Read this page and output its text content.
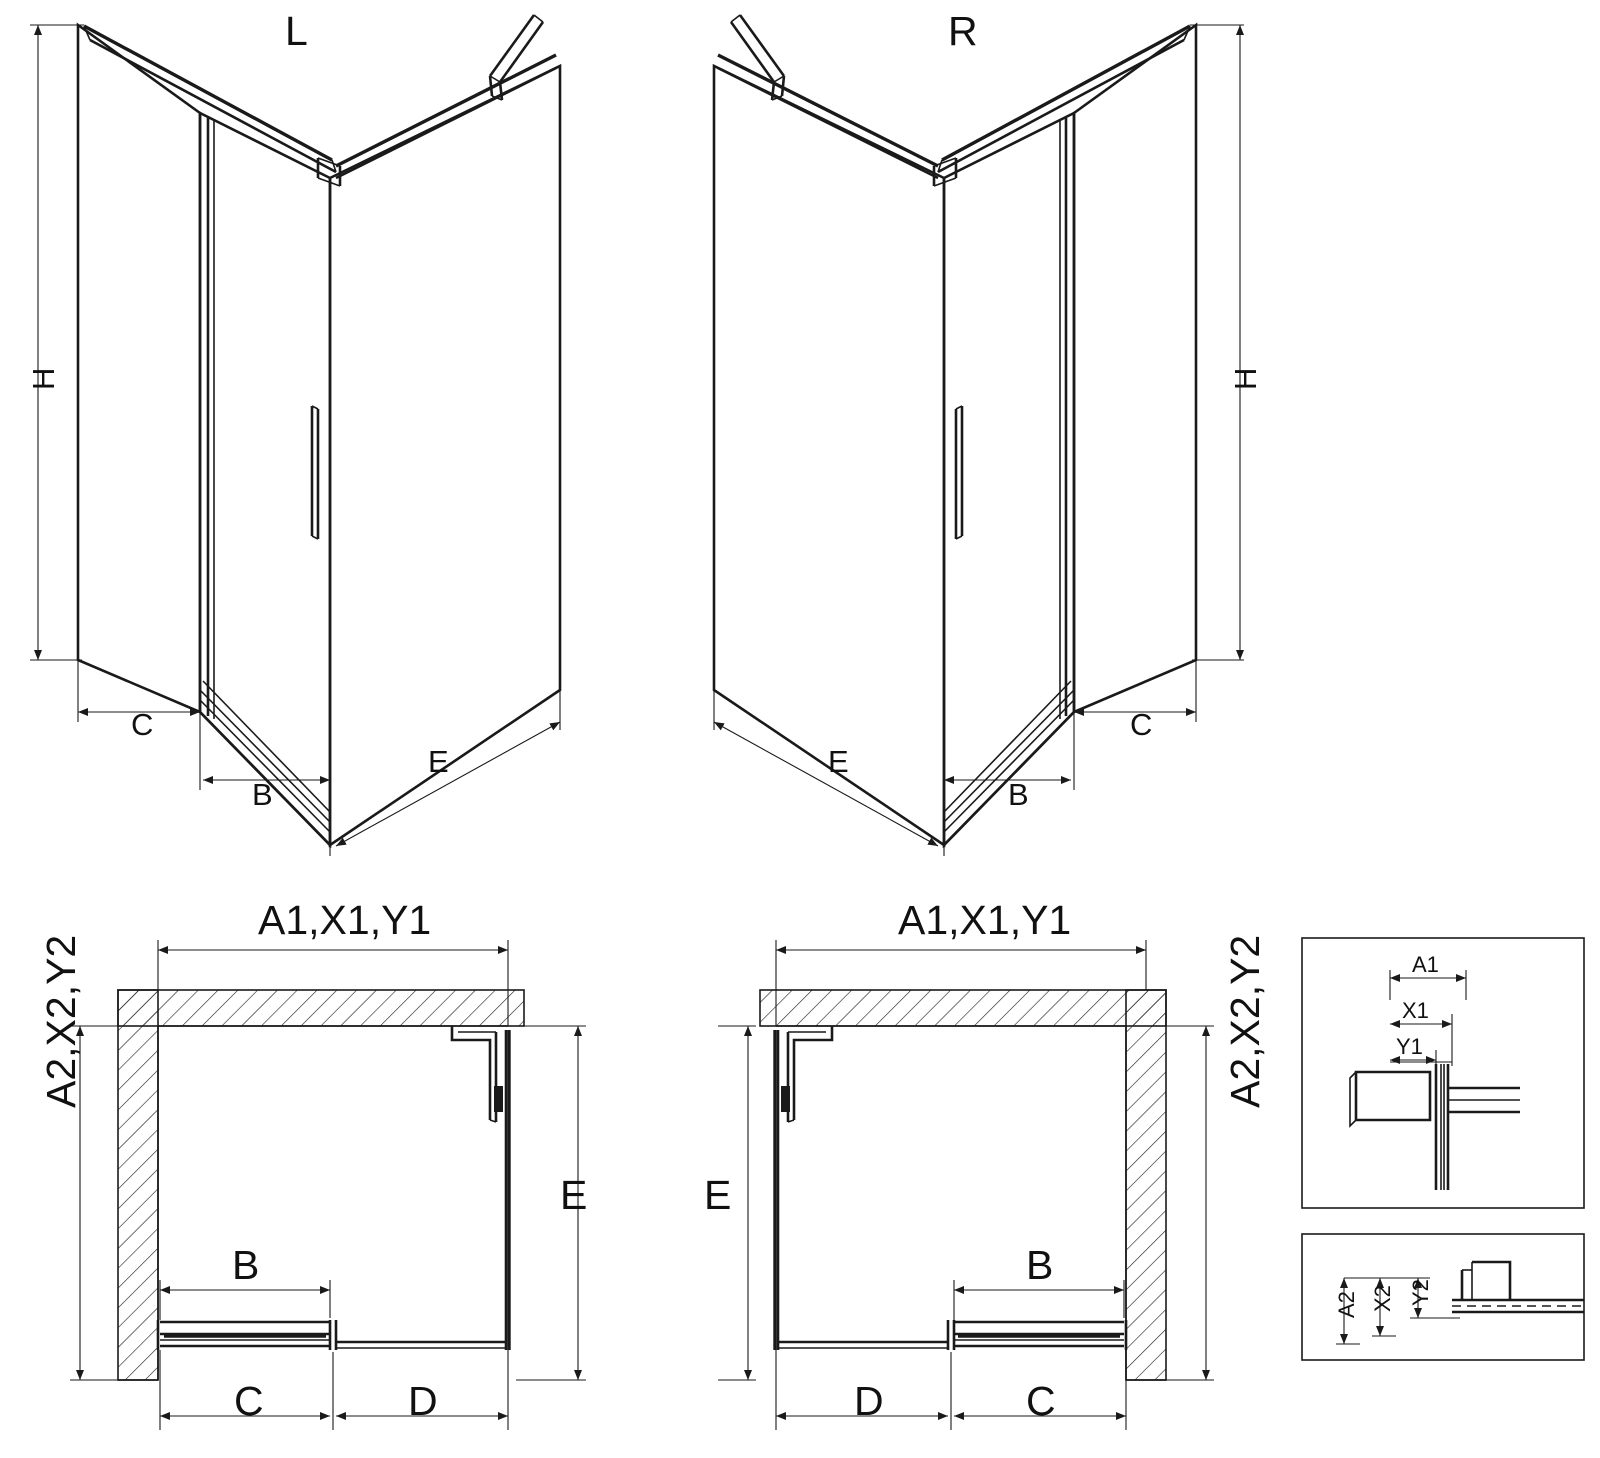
L	R
H
C
B
E
H
C
B
E
A1,X1,Y1
A2,X2,Y2
E
B
C	D
A1,X1,Y1
A2,X2,Y2
E
B
C
D
A1
X1
Y1
A2 X2 Y2
